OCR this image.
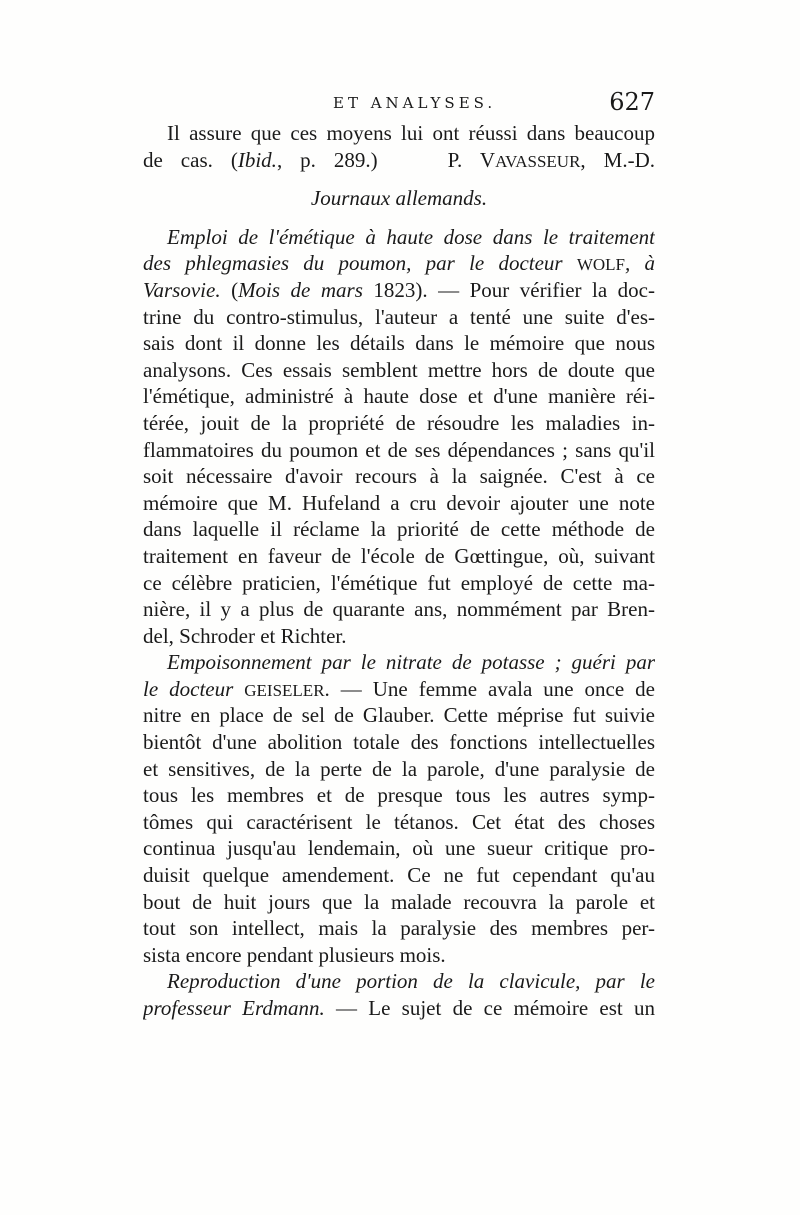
ET ANALYSES.	627
Il assure que ces moyens lui ont réussi dans beaucoup
de cas. (Ibid., p. 289.)	P. VAVASSEUR, M.-D.
Journaux allemands.
Emploi de l'émétique à haute dose dans le traitement
des phlegmasies du poumon, par le docteur WOLF, à
Varsovie. (Mois de mars 1823). — Pour vérifier la doc-
trine du contro-stimulus, l'auteur a tenté une suite d'es-
sais dont il donne les détails dans le mémoire que nous
analysons. Ces essais semblent mettre hors de doute que
l'émétique, administré à haute dose et d'une manière réi-
térée, jouit de la propriété de résoudre les maladies in-
flammatoires du poumon et de ses dépendances ; sans qu'il
soit nécessaire d'avoir recours à la saignée. C'est à ce
mémoire que M. Hufeland a cru devoir ajouter une note
dans laquelle il réclame la priorité de cette méthode de
traitement en faveur de l'école de Gœttingue, où, suivant
ce célèbre praticien, l'émétique fut employé de cette ma-
nière, il y a plus de quarante ans, nommément par Bren-
del, Schroder et Richter.
Empoisonnement par le nitrate de potasse ; guéri par
le docteur GEISELER. — Une femme avala une once de
nitre en place de sel de Glauber. Cette méprise fut suivie
bientôt d'une abolition totale des fonctions intellectuelles
et sensitives, de la perte de la parole, d'une paralysie de
tous les membres et de presque tous les autres symp-
tômes qui caractérisent le tétanos. Cet état des choses
continua jusqu'au lendemain, où une sueur critique pro-
duisit quelque amendement. Ce ne fut cependant qu'au
bout de huit jours que la malade recouvra la parole et
tout son intellect, mais la paralysie des membres per-
sista encore pendant plusieurs mois.
Reproduction d'une portion de la clavicule, par le
professeur Erdmann. — Le sujet de ce mémoire est un
